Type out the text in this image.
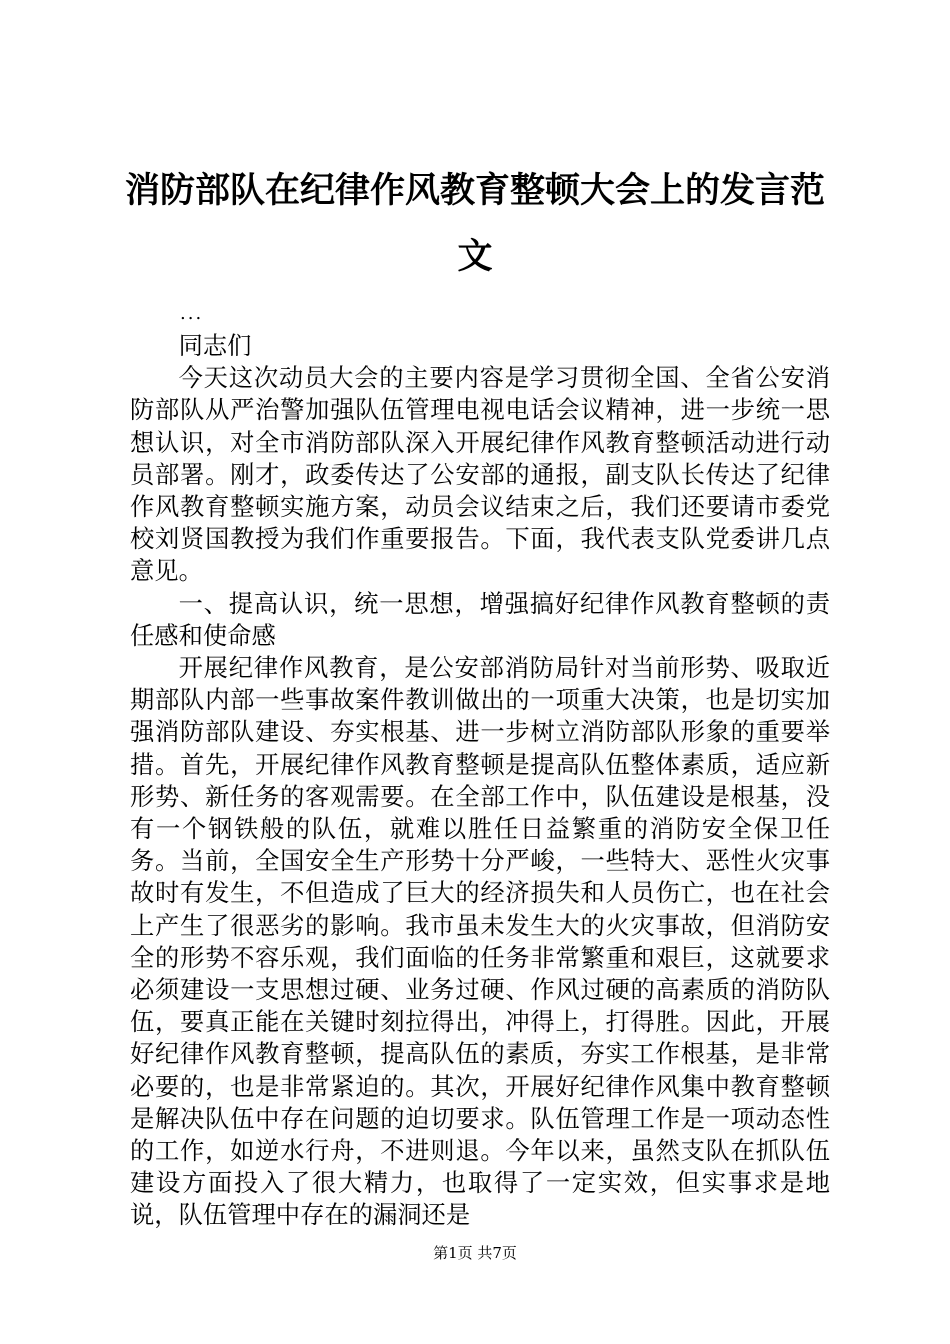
消防部队在纪律作风教育整顿大会上的发言范文
...

同志们

今天这次动员大会的主要内容是学习贯彻全国、全省公安消防部队从严治警加强队伍管理电视电话会议精神，进一步统一思想认识，对全市消防部队深入开展纪律作风教育整顿活动进行动员部署。刚才，政委传达了公安部的通报，副支队长传达了纪律作风教育整顿实施方案，动员会议结束之后，我们还要请市委党校刘贤国教授为我们作重要报告。下面，我代表支队党委讲几点意见。

一、提高认识，统一思想，增强搞好纪律作风教育整顿的责任感和使命感

开展纪律作风教育，是公安部消防局针对当前形势、吸取近期部队内部一些事故案件教训做出的一项重大决策，也是切实加强消防部队建设、夯实根基、进一步树立消防部队形象的重要举措。首先，开展纪律作风教育整顿是提高队伍整体素质，适应新形势、新任务的客观需要。在全部工作中，队伍建设是根基，没有一个钢铁般的队伍，就难以胜任日益繁重的消防安全保卫任务。当前，全国安全生产形势十分严峻，一些特大、恶性火灾事故时有发生，不但造成了巨大的经济损失和人员伤亡，也在社会上产生了很恶劣的影响。我市虽未发生大的火灾事故，但消防安全的形势不容乐观，我们面临的任务非常繁重和艰巨，这就要求必须建设一支思想过硬、业务过硬、作风过硬的高素质的消防队伍，要真正能在关键时刻拉得出，冲得上，打得胜。因此，开展好纪律作风教育整顿，提高队伍的素质，夯实工作根基，是非常必要的，也是非常紧迫的。其次，开展好纪律作风集中教育整顿是解决队伍中存在问题的迫切要求。队伍管理工作是一项动态性的工作，如逆水行舟，不进则退。今年以来，虽然支队在抓队伍建设方面投入了很大精力，也取得了一定实效，但实事求是地说，队伍管理中存在的漏洞还是

第1页 共7页
